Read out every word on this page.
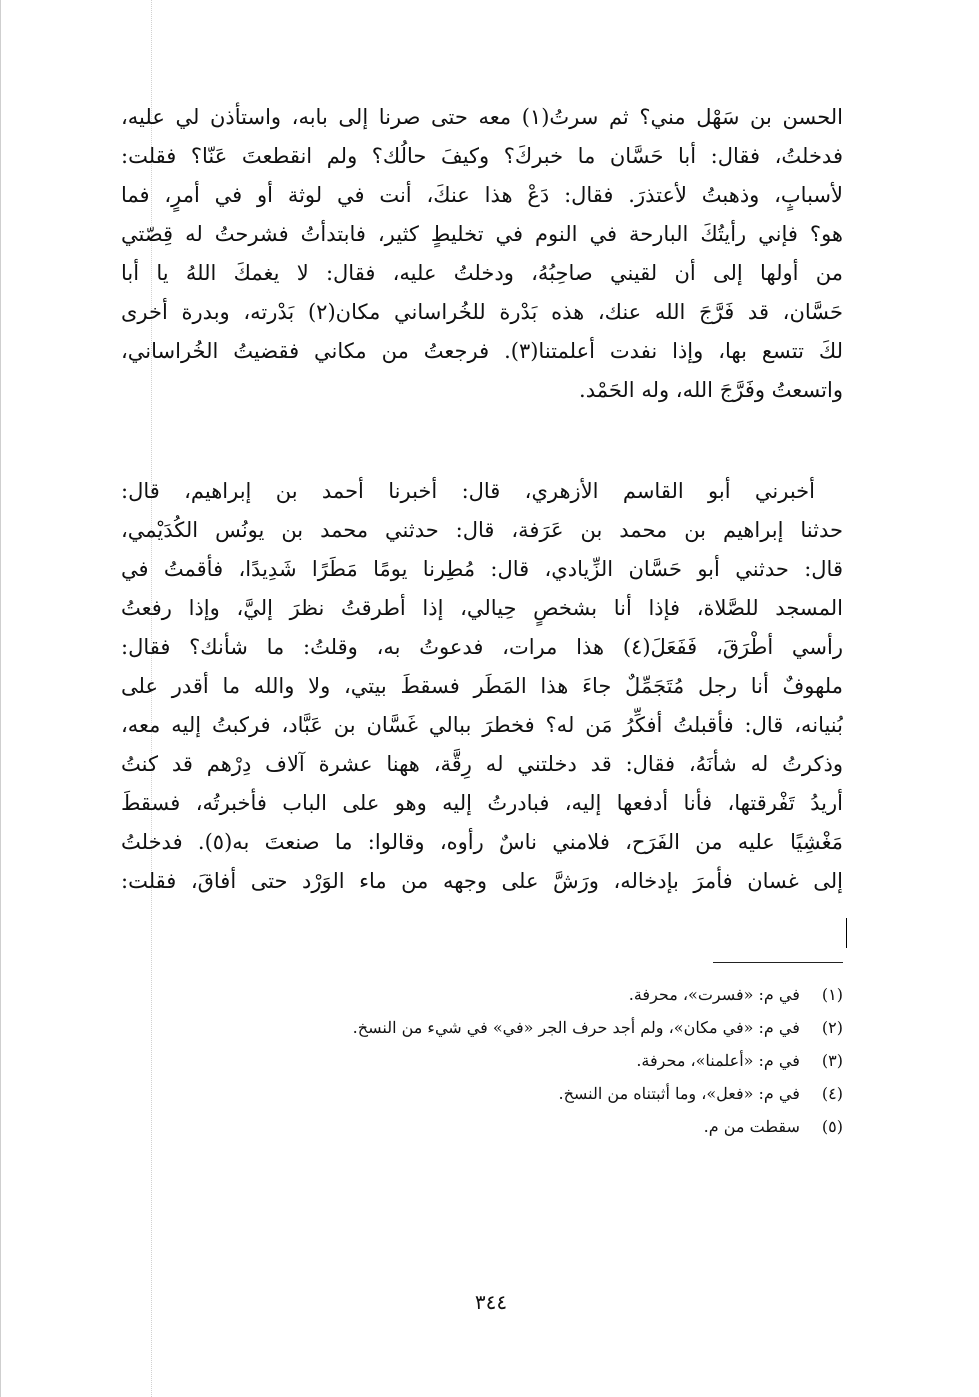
الحسن بن سَهْل مني؟ ثم سرتُ(١) معه حتى صرنا إلى بابه، واستأذن لي عليه،
فدخلتُ، فقال: أبا حَسَّان ما خبركَ؟ وكيفَ حالُك؟ ولم انقطعتَ عَنّا؟ فقلت:
لأسبابٍ، وذهبتُ لأعتذرَ. فقال: دَعْ هذا عنكَ، أنت في لوثة أو في أمرٍ، فما
هو؟ فإني رأيتُكَ البارحة في النوم في تخليطٍ كثير، فابتدأتُ فشرحتُ له قِصّتي
من أولها إلى أن لقيني صاحِبُهُ، ودخلتُ عليه، فقال: لا يغمكَ اللهُ يا أبا
حَسَّان، قد فَرَّجَ الله عنك، هذه بَدْرة للخُراساني مكان(٢) بَدْرته، وبدرة أخرى
لكَ تتسع بها، وإذا نفدت أعلمتنا(٣). فرجعتُ من مكاني فقضيتُ الخُراساني،
واتسعتُ وفَرَّجَ الله، وله الحَمْد.
أخبرني أبو القاسم الأزهري، قال: أخبرنا أحمد بن إبراهيم، قال:
حدثنا إبراهيم بن محمد بن عَرَفة، قال: حدثني محمد بن يونُس الكُدَيْمي،
قال: حدثني أبو حَسَّان الزِّيادي، قال: مُطِرنا يومًا مَطَرًا شَدِيدًا، فأقمتُ في
المسجد للصَّلاة، فإذا أنا بشخصٍ حِيالي، إذا أطرقتُ نظرَ إليَّ، وإذا رفعتُ
رأسي أطْرَقَ، فَفَعَلَ(٤) هذا مرات، فدعوتُ به، وقلتُ: ما شأنك؟ فقال:
ملهوفٌ أنا رجل مُتَجَمِّلٌ جاءَ هذا المَطَر فسقطَ بيتي، ولا والله ما أقدر على
بُنيانه، قال: فأقبلتُ أفكِّرُ مَن له؟ فخطرَ ببالي غَسَّان بن عَبَّاد، فركبتُ إليه معه،
وذكرتُ له شأنَهُ، فقال: قد دخلتني له رِقَّة، ههنا عشرة آلاف دِرْهم قد كنتُ
أريدُ تَفْرقتها، فأنا أدفعها إليه، فبادرتُ إليه وهو على الباب فأخبرتُه، فسقطَ
مَغْشِيًا عليه من الفَرَح، فلامني ناسٌ رأوه، وقالوا: ما صنعتَ به(٥). فدخلتُ
إلى غسان فأمرَ بإدخاله، ورَشَّ على وجهه من ماء الوَرْد حتى أفاقَ، فقلت:
(١) في م: «فسرت»، محرفة.
(٢) في م: «في مكان»، ولم أجد حرف الجر «في» في شيء من النسخ.
(٣) في م: «أعلمنا»، محرفة.
(٤) في م: «فعل»، وما أثبتناه من النسخ.
(٥) سقطت من م.
٣٤٤
